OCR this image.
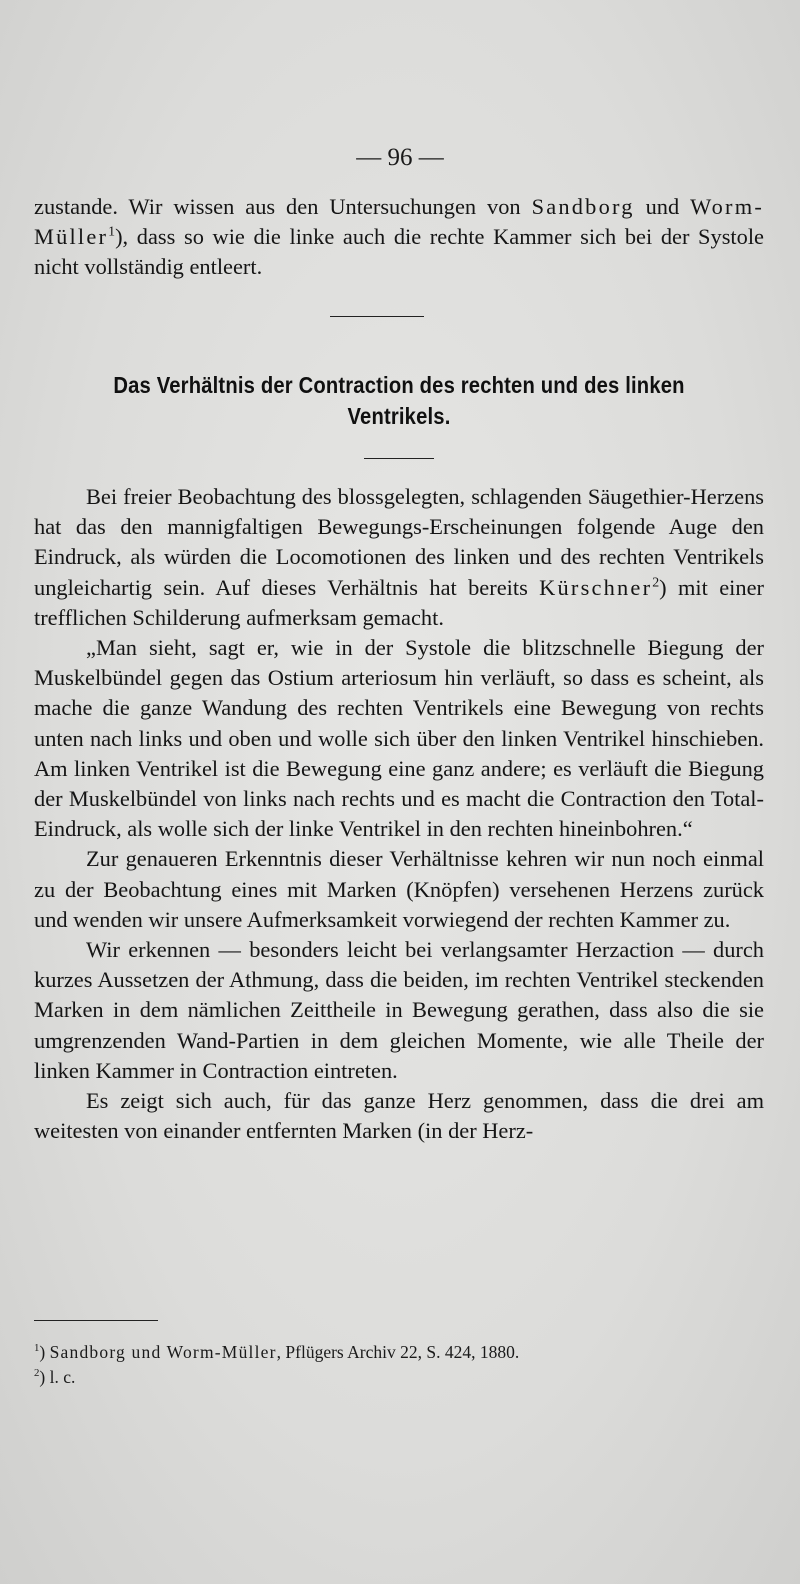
— 96 —

zustande. Wir wissen aus den Untersuchungen von Sandborg und Worm-Müller$^1$), dass so wie die linke auch die rechte Kammer sich bei der Systole nicht vollständig entleert.

Das Verhältnis der Contraction des rechten und des linken
Ventrikels.

Bei freier Beobachtung des blossgelegten, schlagenden Säugethier-Herzens hat das den mannigfaltigen Bewegungs-Erscheinungen folgende Auge den Eindruck, als würden die Locomotionen des linken und des rechten Ventrikels ungleichartig sein. Auf dieses Verhältnis hat bereits Kürschner$^2$) mit einer trefflichen Schilderung aufmerksam gemacht.

„Man sieht, sagt er, wie in der Systole die blitzschnelle Biegung der Muskelbündel gegen das Ostium arteriosum hin verläuft, so dass es scheint, als mache die ganze Wandung des rechten Ventrikels eine Bewegung von rechts unten nach links und oben und wolle sich über den linken Ventrikel hinschieben. Am linken Ventrikel ist die Bewegung eine ganz andere; es verläuft die Biegung der Muskelbündel von links nach rechts und es macht die Contraction den Total-Eindruck, als wolle sich der linke Ventrikel in den rechten hineinbohren.“

Zur genaueren Erkenntnis dieser Verhältnisse kehren wir nun noch einmal zu der Beobachtung eines mit Marken (Knöpfen) versehenen Herzens zurück und wenden wir unsere Aufmerksamkeit vorwiegend der rechten Kammer zu.

Wir erkennen — besonders leicht bei verlangsamter Herzaction — durch kurzes Aussetzen der Athmung, dass die beiden, im rechten Ventrikel steckenden Marken in dem nämlichen Zeittheile in Bewegung gerathen, dass also die sie umgrenzenden Wand-Partien in dem gleichen Momente, wie alle Theile der linken Kammer in Contraction eintreten.

Es zeigt sich auch, für das ganze Herz genommen, dass die drei am weitesten von einander entfernten Marken (in der Herz-

$^1$) Sandborg und Worm-Müller, Pflügers Archiv 22, S. 424, 1880.

$^2$) l. c.
